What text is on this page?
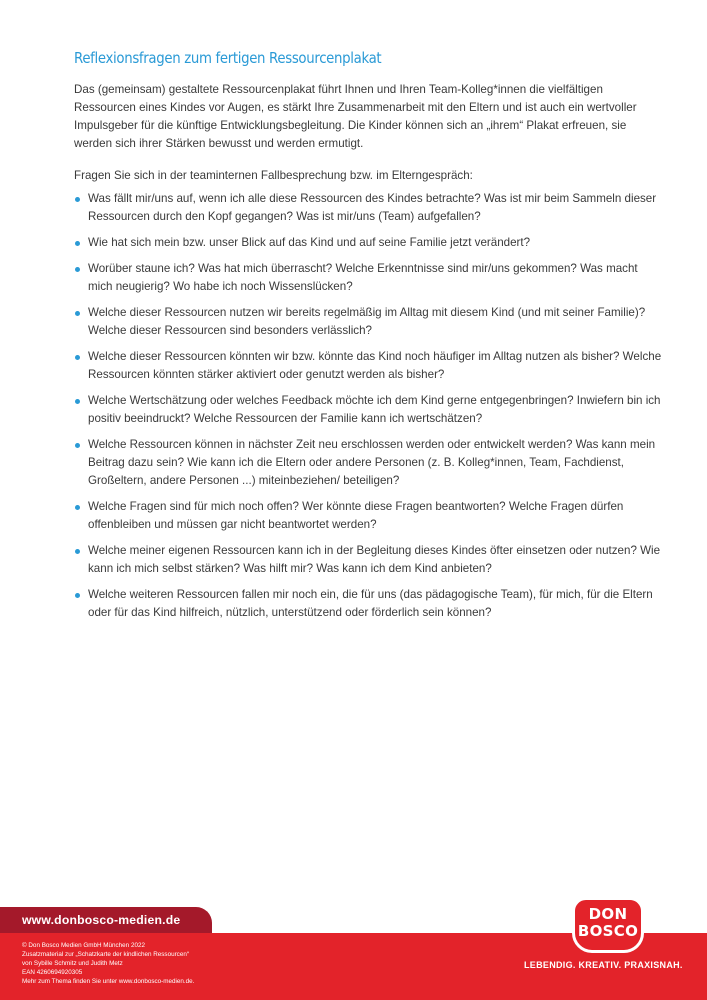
Reflexionsfragen zum fertigen Ressourcenplakat

Das (gemeinsam) gestaltete Ressourcenplakat führt Ihnen und Ihren Team-Kolleg*innen die vielfältigen Ressourcen eines Kindes vor Augen, es stärkt Ihre Zusammenarbeit mit den Eltern und ist auch ein wertvoller Impulsgeber für die künftige Entwicklungsbegleitung. Die Kinder können sich an „ihrem“ Plakat erfreuen, sie werden sich ihrer Stärken bewusst und werden ermutigt.

Fragen Sie sich in der teaminternen Fallbesprechung bzw. im Elterngespräch:

Was fällt mir/uns auf, wenn ich alle diese Ressourcen des Kindes betrachte? Was ist mir beim Sammeln dieser Ressourcen durch den Kopf gegangen? Was ist mir/uns (Team) aufgefallen?
Wie hat sich mein bzw. unser Blick auf das Kind und auf seine Familie jetzt verändert?
Worüber staune ich? Was hat mich überrascht? Welche Erkenntnisse sind mir/uns gekommen? Was macht mich neugierig? Wo habe ich noch Wissenslücken?
Welche dieser Ressourcen nutzen wir bereits regelmäßig im Alltag mit diesem Kind (und mit seiner Familie)? Welche dieser Ressourcen sind besonders verlässlich?
Welche dieser Ressourcen könnten wir bzw. könnte das Kind noch häufiger im Alltag nutzen als bisher? Welche Ressourcen könnten stärker aktiviert oder genutzt werden als bisher?
Welche Wertschätzung oder welches Feedback möchte ich dem Kind gerne entgegenbringen? Inwiefern bin ich positiv beeindruckt? Welche Ressourcen der Familie kann ich wertschätzen?
Welche Ressourcen können in nächster Zeit neu erschlossen werden oder entwickelt werden? Was kann mein Beitrag dazu sein? Wie kann ich die Eltern oder andere Personen (z. B. Kolleg*innen, Team, Fachdienst, Großeltern, andere Personen ...) miteinbeziehen/ beteiligen?
Welche Fragen sind für mich noch offen? Wer könnte diese Fragen beantworten? Welche Fragen dürfen offenbleiben und müssen gar nicht beantwortet werden?
Welche meiner eigenen Ressourcen kann ich in der Begleitung dieses Kindes öfter einsetzen oder nutzen? Wie kann ich mich selbst stärken? Was hilft mir? Was kann ich dem Kind anbieten?
Welche weiteren Ressourcen fallen mir noch ein, die für uns (das pädagogische Team), für mich, für die Eltern oder für das Kind hilfreich, nützlich, unterstützend oder förderlich sein können?
www.donbosco-medien.de
© Don Bosco Medien GmbH München 2022
Zusatzmaterial zur „Schatzkarte der kindlichen Ressourcen“
von Sybille Schmitz und Judith Metz
EAN 4260694920305
Mehr zum Thema finden Sie unter www.donbosco-medien.de.
DON
BOSCO
LEBENDIG. KREATIV. PRAXISNAH.
